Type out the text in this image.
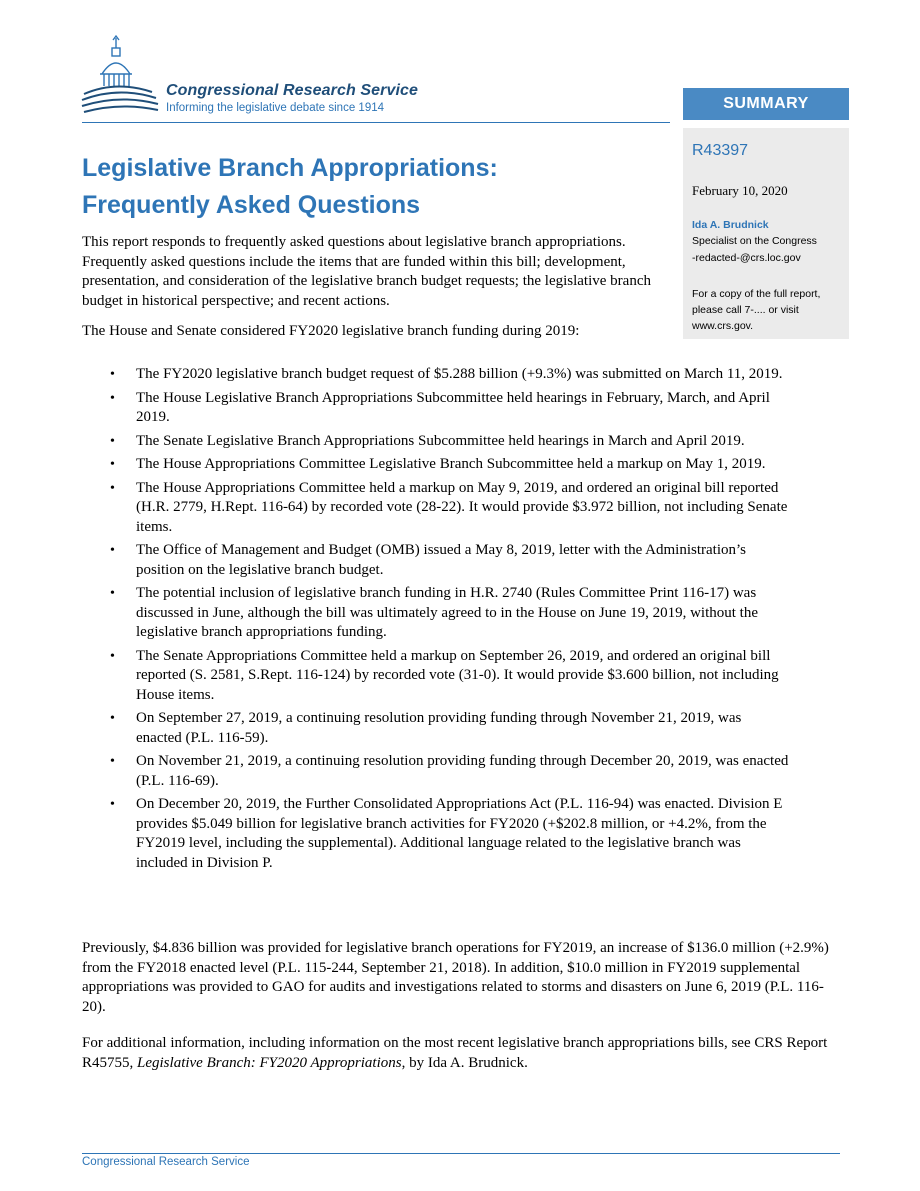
Congressional Research Service
Informing the legislative debate since 1914	SUMMARY
R43397
February 10, 2020
Ida A. Brudnick
Specialist on the Congress
-redacted-@crs.loc.gov
For a copy of the full report, please call 7-.... or visit www.crs.gov.
Legislative Branch Appropriations:
Frequently Asked Questions

This report responds to frequently asked questions about legislative branch appropriations. Frequently asked questions include the items that are funded within this bill; development, presentation, and consideration of the legislative branch budget requests; the legislative branch budget in historical perspective; and recent actions.

The House and Senate considered FY2020 legislative branch funding during 2019:

• The FY2020 legislative branch budget request of $5.288 billion (+9.3%) was submitted on March 11, 2019.
• The House Legislative Branch Appropriations Subcommittee held hearings in February, March, and April 2019.
• The Senate Legislative Branch Appropriations Subcommittee held hearings in March and April 2019.
• The House Appropriations Committee Legislative Branch Subcommittee held a markup on May 1, 2019.
• The House Appropriations Committee held a markup on May 9, 2019, and ordered an original bill reported (H.R. 2779, H.Rept. 116-64) by recorded vote (28-22). It would provide $3.972 billion, not including Senate items.
• The Office of Management and Budget (OMB) issued a May 8, 2019, letter with the Administration’s position on the legislative branch budget.
• The potential inclusion of legislative branch funding in H.R. 2740 (Rules Committee Print 116-17) was discussed in June, although the bill was ultimately agreed to in the House on June 19, 2019, without the legislative branch appropriations funding.
• The Senate Appropriations Committee held a markup on September 26, 2019, and ordered an original bill reported (S. 2581, S.Rept. 116-124) by recorded vote (31-0). It would provide $3.600 billion, not including House items.
• On September 27, 2019, a continuing resolution providing funding through November 21, 2019, was enacted (P.L. 116-59).
• On November 21, 2019, a continuing resolution providing funding through December 20, 2019, was enacted (P.L. 116-69).
• On December 20, 2019, the Further Consolidated Appropriations Act (P.L. 116-94) was enacted. Division E provides $5.049 billion for legislative branch activities for FY2020 (+$202.8 million, or +4.2%, from the FY2019 level, including the supplemental). Additional language related to the legislative branch was included in Division P.

Previously, $4.836 billion was provided for legislative branch operations for FY2019, an increase of $136.0 million (+2.9%) from the FY2018 enacted level (P.L. 115-244, September 21, 2018). In addition, $10.0 million in FY2019 supplemental appropriations was provided to GAO for audits and investigations related to storms and disasters on June 6, 2019 (P.L. 116-20).

For additional information, including information on the most recent legislative branch appropriations bills, see CRS Report R45755, Legislative Branch: FY2020 Appropriations, by Ida A. Brudnick.

Congressional Research Service
